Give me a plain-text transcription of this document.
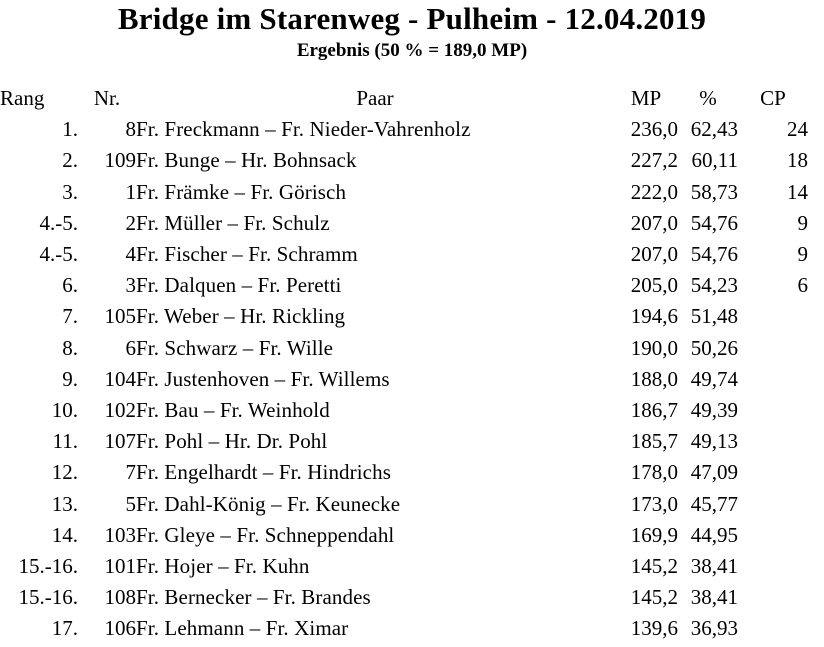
Bridge im Starenweg - Pulheim - 12.04.2019
Ergebnis (50 % = 189,0 MP)
Rang	Nr.	Paar	MP	%	CP
1.	8	Fr. Freckmann – Fr. Nieder-Vahrenholz	236,0	62,43	24
2.	109	Fr. Bunge – Hr. Bohnsack	227,2	60,11	18
3.	1	Fr. Främke – Fr. Görisch	222,0	58,73	14
4.-5.	2	Fr. Müller – Fr. Schulz	207,0	54,76	9
4.-5.	4	Fr. Fischer – Fr. Schramm	207,0	54,76	9
6.	3	Fr. Dalquen – Fr. Peretti	205,0	54,23	6
7.	105	Fr. Weber – Hr. Rickling	194,6	51,48	
8.	6	Fr. Schwarz – Fr. Wille	190,0	50,26	
9.	104	Fr. Justenhoven – Fr. Willems	188,0	49,74	
10.	102	Fr. Bau – Fr. Weinhold	186,7	49,39	
11.	107	Fr. Pohl – Hr. Dr. Pohl	185,7	49,13	
12.	7	Fr. Engelhardt – Fr. Hindrichs	178,0	47,09	
13.	5	Fr. Dahl-König – Fr. Keunecke	173,0	45,77	
14.	103	Fr. Gleye – Fr. Schneppendahl	169,9	44,95	
15.-16.	101	Fr. Hojer – Fr. Kuhn	145,2	38,41	
15.-16.	108	Fr. Bernecker – Fr. Brandes	145,2	38,41	
17.	106	Fr. Lehmann – Fr. Ximar	139,6	36,93	
